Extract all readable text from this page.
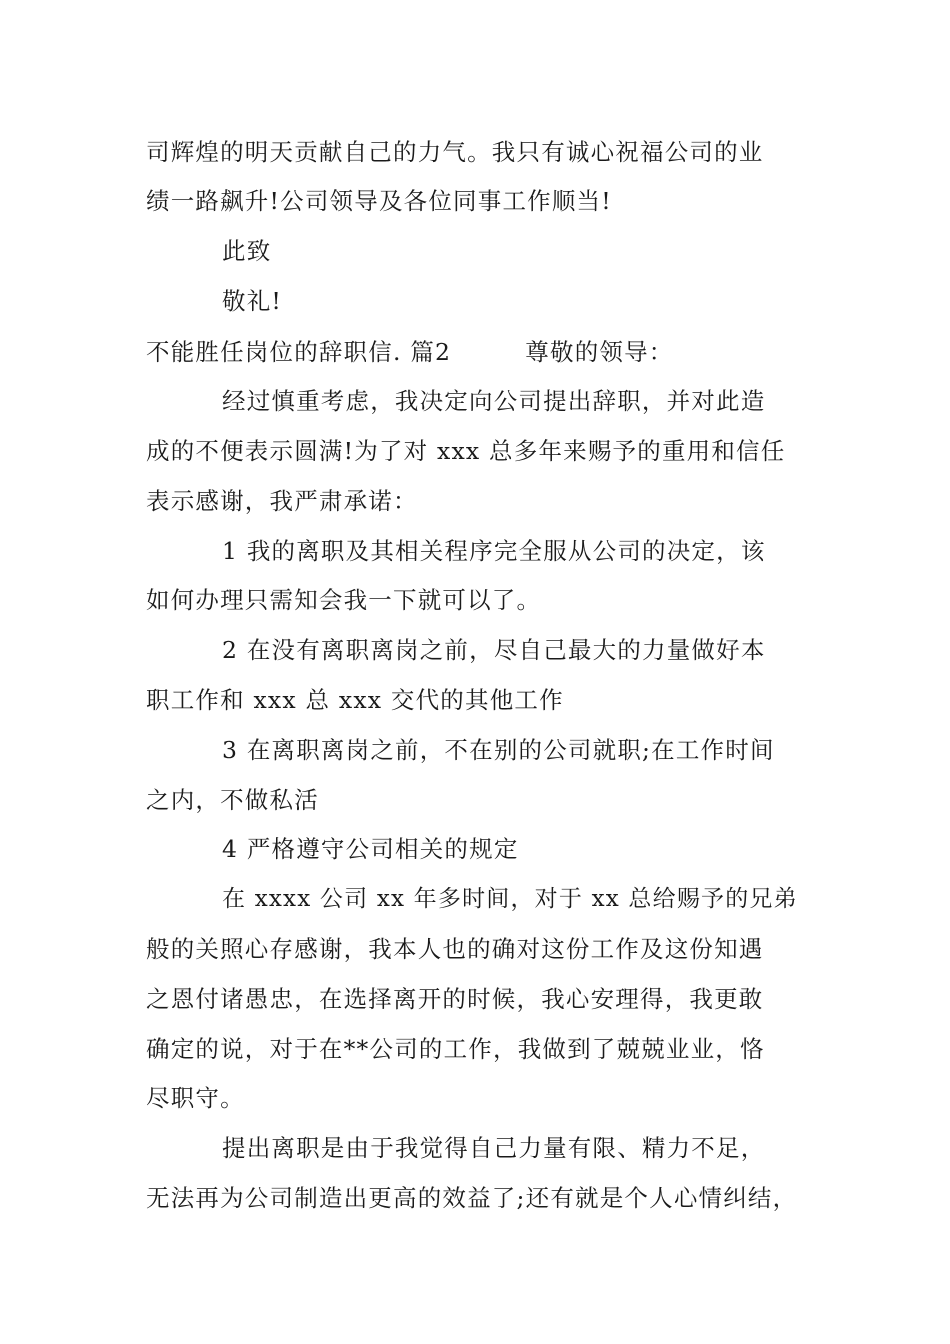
司辉煌的明天贡献自己的力气。我只有诚心祝福公司的业

绩一路飙升!公司领导及各位同事工作顺当!

此致

敬礼!

不能胜任岗位的辞职信. 篇2　　　尊敬的领导：

经过慎重考虑，我决定向公司提出辞职，并对此造

成的不便表示圆满!为了对 xxx 总多年来赐予的重用和信任

表示感谢，我严肃承诺：

1 我的离职及其相关程序完全服从公司的决定，该

如何办理只需知会我一下就可以了。

2 在没有离职离岗之前，尽自己最大的力量做好本

职工作和 xxx 总 xxx 交代的其他工作

3 在离职离岗之前，不在别的公司就职;在工作时间

之内，不做私活

4 严格遵守公司相关的规定

在 xxxx 公司 xx 年多时间，对于 xx 总给赐予的兄弟

般的关照心存感谢，我本人也的确对这份工作及这份知遇

之恩付诸愚忠，在选择离开的时候，我心安理得，我更敢

确定的说，对于在**公司的工作，我做到了兢兢业业，恪

尽职守。

提出离职是由于我觉得自己力量有限、精力不足，

无法再为公司制造出更高的效益了;还有就是个人心情纠结，
